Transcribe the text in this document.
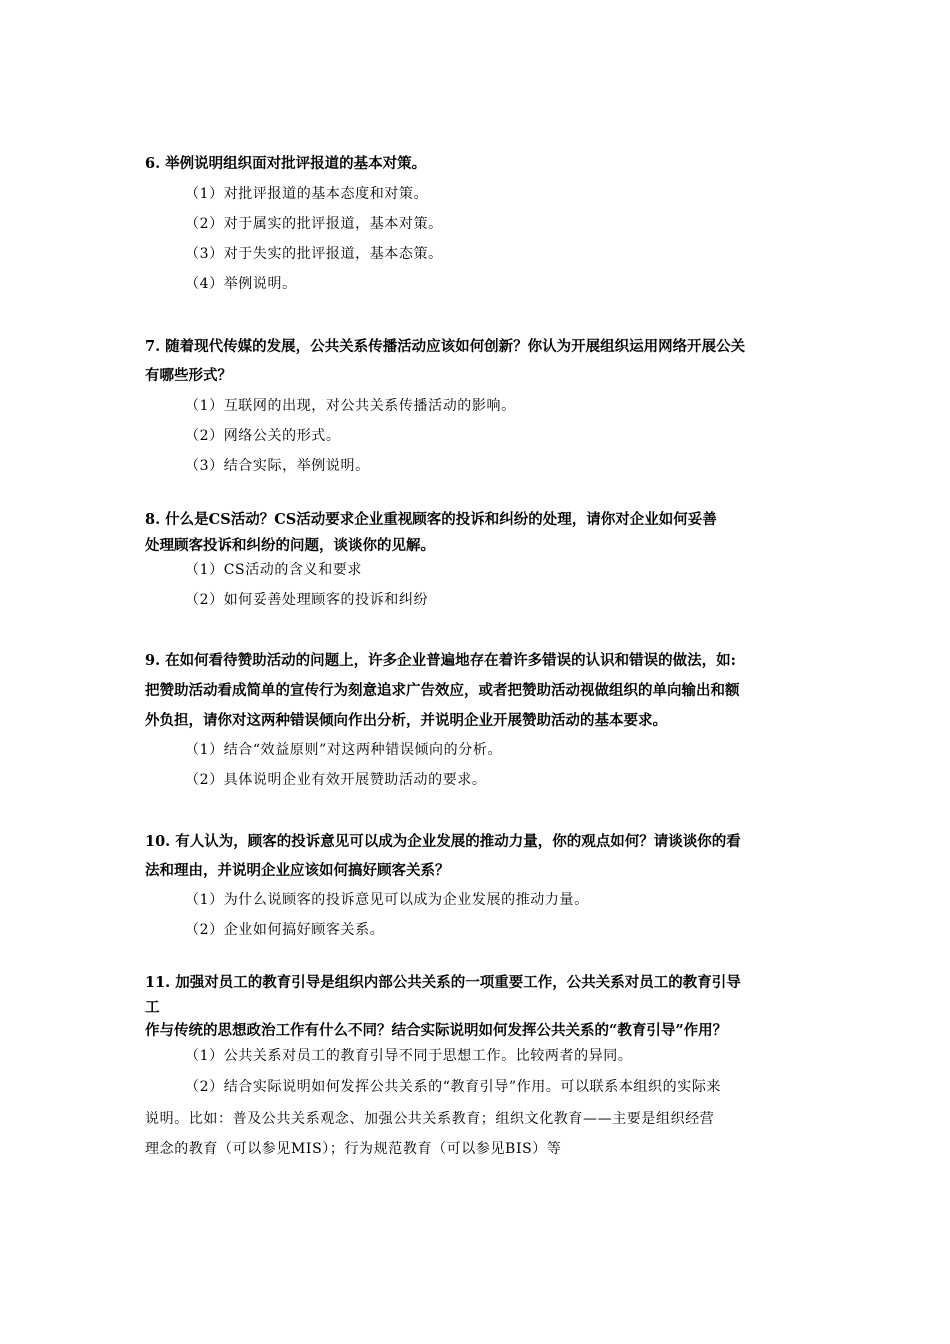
6. 举例说明组织面对批评报道的基本对策。
（1）对批评报道的基本态度和对策。
（2）对于属实的批评报道，基本对策。
（3）对于失实的批评报道，基本态策。
（4）举例说明。
7. 随着现代传媒的发展，公共关系传播活动应该如何创新？你认为开展组织运用网络开展公关
有哪些形式？
（1）互联网的出现，对公共关系传播活动的影响。
（2）网络公关的形式。
（3）结合实际，举例说明。
8. 什么是CS活动？CS活动要求企业重视顾客的投诉和纠纷的处理，请你对企业如何妥善
处理顾客投诉和纠纷的问题，谈谈你的见解。
（1）CS活动的含义和要求
（2）如何妥善处理顾客的投诉和纠纷
9. 在如何看待赞助活动的问题上，许多企业普遍地存在着许多错误的认识和错误的做法，如:
把赞助活动看成简单的宣传行为刻意追求广告效应，或者把赞助活动视做组织的单向输出和额
外负担，请你对这两种错误倾向作出分析，并说明企业开展赞助活动的基本要求。
（1）结合“效益原则”对这两种错误倾向的分析。
（2）具体说明企业有效开展赞助活动的要求。
10. 有人认为，顾客的投诉意见可以成为企业发展的推动力量，你的观点如何？请谈谈你的看
法和理由，并说明企业应该如何搞好顾客关系？
（1）为什么说顾客的投诉意见可以成为企业发展的推动力量。
（2）企业如何搞好顾客关系。
11. 加强对员工的教育引导是组织内部公共关系的一项重要工作，公共关系对员工的教育引导
工
作与传统的思想政治工作有什么不同？结合实际说明如何发挥公共关系的“教育引导”作用？
（1）公共关系对员工的教育引导不同于思想工作。比较两者的异同。
（2）结合实际说明如何发挥公共关系的“教育引导”作用。可以联系本组织的实际来
说明。比如：普及公共关系观念、加强公共关系教育；组织文化教育——主要是组织经营
理念的教育（可以参见MIS）；行为规范教育（可以参见BIS）等
